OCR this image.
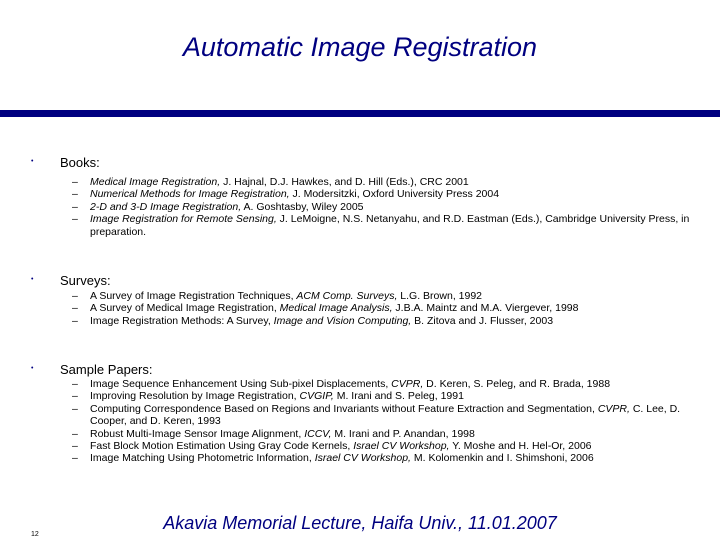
Automatic Image Registration
• Books:
– Medical Image Registration, J. Hajnal, D.J. Hawkes, and D. Hill (Eds.), CRC 2001
– Numerical Methods for Image Registration, J. Modersitzki, Oxford University Press 2004
– 2-D and 3-D Image Registration, A. Goshtasby, Wiley 2005
– Image Registration for Remote Sensing, J. LeMoigne, N.S. Netanyahu, and R.D. Eastman (Eds.), Cambridge University Press, in preparation.
• Surveys:
– A Survey of Image Registration Techniques, ACM Comp. Surveys, L.G. Brown, 1992
– A Survey of Medical Image Registration, Medical Image Analysis, J.B.A. Maintz and M.A. Viergever, 1998
– Image Registration Methods: A Survey, Image and Vision Computing, B. Zitova and J. Flusser, 2003
• Sample Papers:
– Image Sequence Enhancement Using Sub-pixel Displacements, CVPR, D. Keren, S. Peleg, and R. Brada, 1988
– Improving Resolution by Image Registration, CVGIP, M. Irani and S. Peleg, 1991
– Computing Correspondence Based on Regions and Invariants without Feature Extraction and Segmentation, CVPR, C. Lee, D. Cooper, and D. Keren, 1993
– Robust Multi-Image Sensor Image Alignment, ICCV, M. Irani and P. Anandan, 1998
– Fast Block Motion Estimation Using Gray Code Kernels, Israel CV Workshop, Y. Moshe and H. Hel-Or, 2006
– Image Matching Using Photometric Information, Israel CV Workshop, M. Kolomenkin and I. Shimshoni, 2006
Akavia Memorial Lecture, Haifa Univ., 11.01.2007
12
